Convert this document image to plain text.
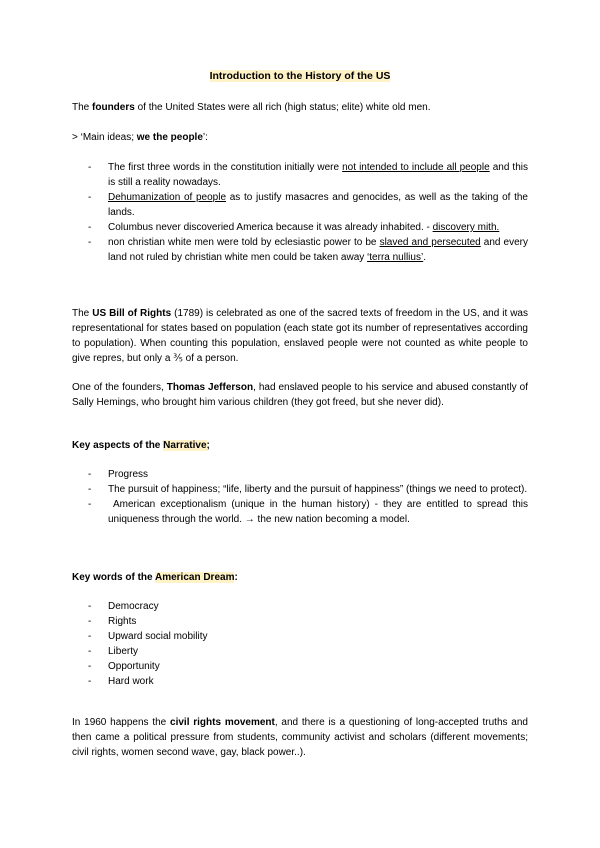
Introduction to the History of the US
The founders of the United States were all rich (high status; elite) white old men.
> ‘Main ideas; we the people’:
- The first three words in the constitution initially were not intended to include all people and this is still a reality nowadays.
- Dehumanization of people as to justify masacres and genocides, as well as the taking of the lands.
- Columbus never discoveried America because it was already inhabited. - discovery mith.
- non christian white men were told by eclesiastic power to be slaved and persecuted and every land not ruled by christian white men could be taken away ‘terra nullius’.
The US Bill of Rights (1789) is celebrated as one of the sacred texts of freedom in the US, and it was representational for states based on population (each state got its number of representatives according to population). When counting this population, enslaved people were not counted as white people to give repres, but only a ⅗ of a person.
One of the founders, Thomas Jefferson, had enslaved people to his service and abused constantly of Sally Hemings, who brought him various children (they got freed, but she never did).
Key aspects of the Narrative;
- Progress
- The pursuit of happiness; “life, liberty and the pursuit of happiness” (things we need to protect).
- American exceptionalism (unique in the human history) - they are entitled to spread this uniqueness through the world. → the new nation becoming a model.
Key words of the American Dream:
- Democracy
- Rights
- Upward social mobility
- Liberty
- Opportunity
- Hard work
In 1960 happens the civil rights movement, and there is a questioning of long-accepted truths and then came a political pressure from students, community activist and scholars (different movements; civil rights, women second wave, gay, black power..).
